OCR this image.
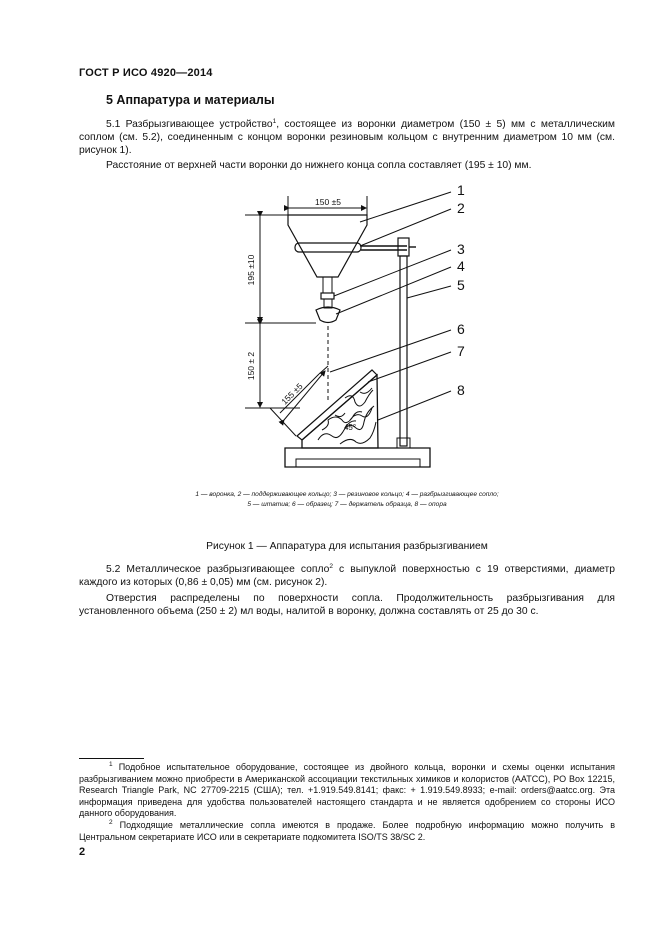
ГОСТ Р ИСО 4920—2014
5 Аппаратура и материалы
5.1 Разбрызгивающее устройство$^1$, состоящее из воронки диаметром (150 ± 5) мм с металлическим соплом (см. 5.2), соединенным с концом воронки резиновым кольцом с внутренним диаметром 10 мм (см. рисунок 1).
Расстояние от верхней части воронки до нижнего конца сопла составляет (195 ± 10) мм.
150 ±5
195 ±10
150 ± 2
155 ±5
45°
1
2
3
4
5
6
7
8
1 — воронка, 2 — поддерживающее кольцо; 3 — резиновое кольцо; 4 — разбрызгивающее сопло;
5 — штатив; 6 — образец; 7 — держатель образца, 8 — опора
Рисунок 1 — Аппаратура для испытания разбрызгиванием
5.2 Металлическое разбрызгивающее сопло$^2$ с выпуклой поверхностью с 19 отверстиями, диаметр каждого из которых (0,86 ± 0,05) мм (см. рисунок 2).
Отверстия распределены по поверхности сопла. Продолжительность разбрызгивания для установленного объема (250 ± 2) мл воды, налитой в воронку, должна составлять от 25 до 30 с.
$^1$ Подобное испытательное оборудование, состоящее из двойного кольца, воронки и схемы оценки испытания разбрызгиванием можно приобрести в Американской ассоциации текстильных химиков и колористов (AATCC), PO Box 12215, Research Triangle Park, NC 27709-2215 (США); тел. +1.919.549.8141; факс: + 1.919.549.8933; e-mail: orders@aatcc.org. Эта информация приведена для удобства пользователей настоящего стандарта и не является одобрением со стороны ИСО данного оборудования.
$^2$ Подходящие металлические сопла имеются в продаже. Более подробную информацию можно получить в Центральном секретариате ИСО или в секретариате подкомитета ISO/TS 38/SC 2.
2
